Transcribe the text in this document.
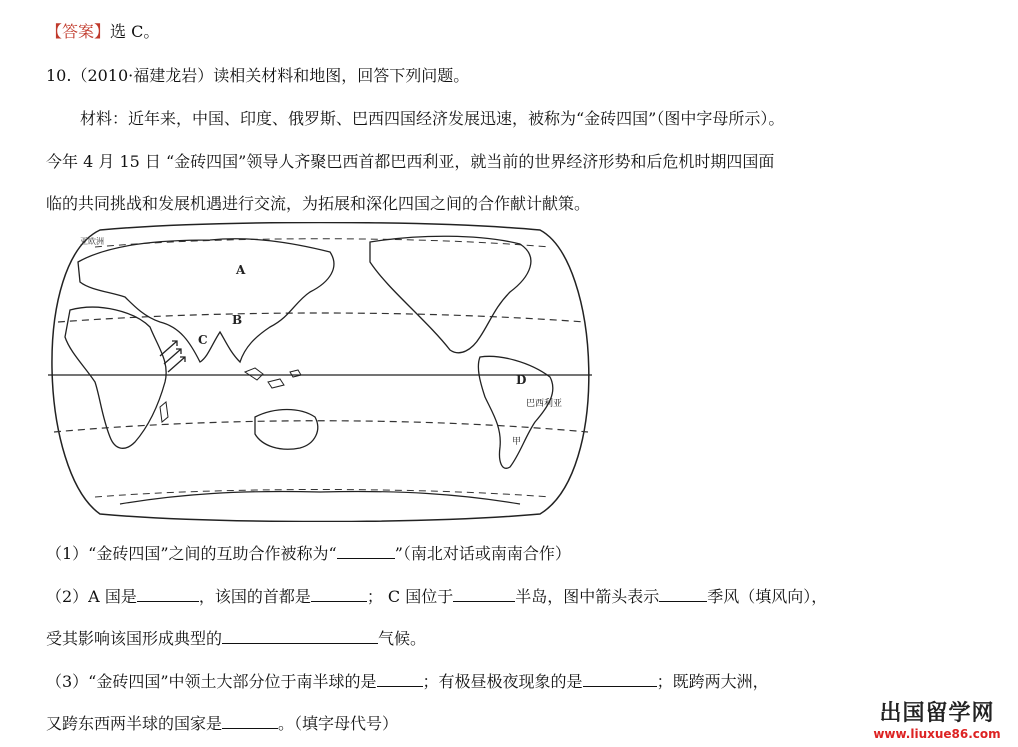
【答案】选 C。
10.（2010·福建龙岩）读相关材料和地图，回答下列问题。
材料：近年来，中国、印度、俄罗斯、巴西四国经济发展迅速，被称为“金砖四国”（图中字母所示）。
今年 4 月 15 日 “金砖四国”领导人齐聚巴西首都巴西利亚，就当前的世界经济形势和后危机时期四国面
临的共同挑战和发展机遇进行交流，为拓展和深化四国之间的合作献计献策。
亚欧洲
A
B
C
D
巴西利亚
甲
（1）“金砖四国”之间的互助合作被称为“	”（南北对话或南南合作）
（2）A 国是	，该国的首都是	； C 国位于	半岛，图中箭头表示	季风（填风向），
受其影响该国形成典型的	气候。
（3）“金砖四国”中领土大部分位于南半球的是	；有极昼极夜现象的是	；既跨两大洲，
又跨东西两半球的国家是	。（填字母代号）	出国留学网
www.liuxue86.com
